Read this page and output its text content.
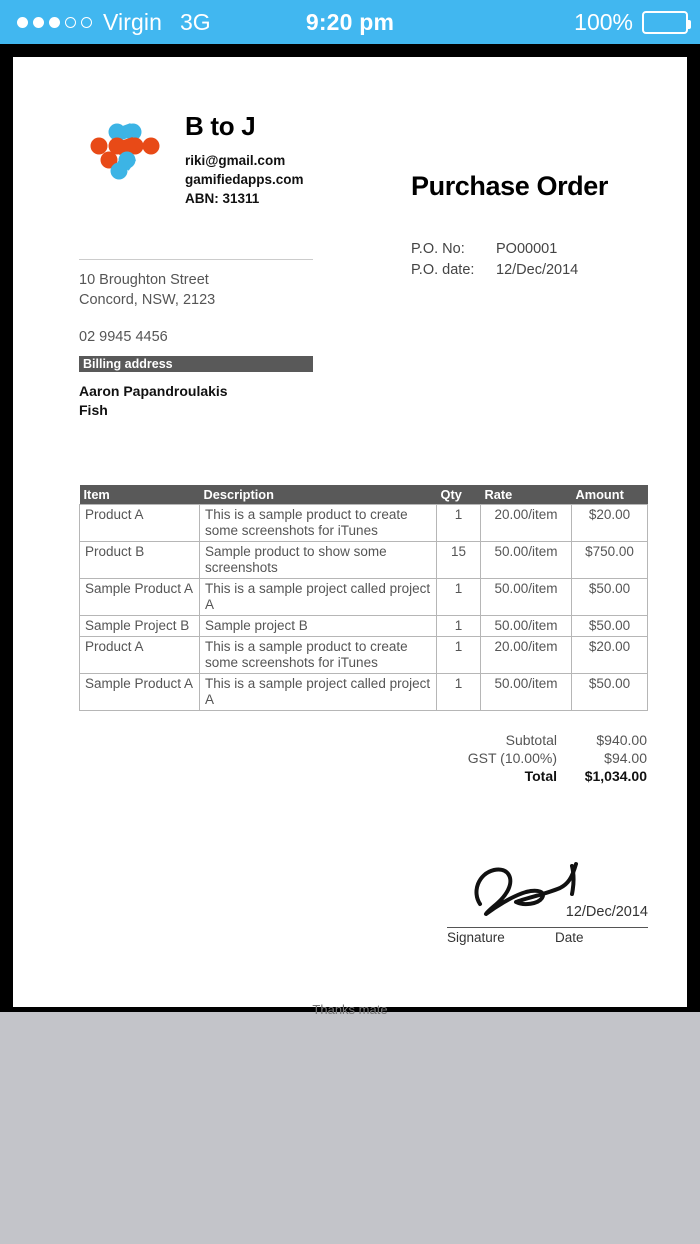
Virgin 3G	9:20 pm	100%
B to J
riki@gmail.com
gamifiedapps.com
ABN: 31311
10 Broughton Street
Concord, NSW, 2123
02 9945 4456
Billing address
Aaron Papandroulakis
Fish
Purchase Order
P.O. No:	PO00001
P.O. date:	12/Dec/2014
Item	Description	Qty	Rate	Amount
Product A	This is a sample product to create some screenshots for iTunes	1	20.00/item	$20.00
Product B	Sample product to show some screenshots	15	50.00/item	$750.00
Sample Product A	This is a sample project called project A	1	50.00/item	$50.00
Sample Project B	Sample project B	1	50.00/item	$50.00
Product A	This is a sample product to create some screenshots for iTunes	1	20.00/item	$20.00
Sample Product A	This is a sample project called project A	1	50.00/item	$50.00
Subtotal	$940.00
GST (10.00%)	$94.00
Total	$1,034.00
12/Dec/2014
Signature	Date
Thanks mate
